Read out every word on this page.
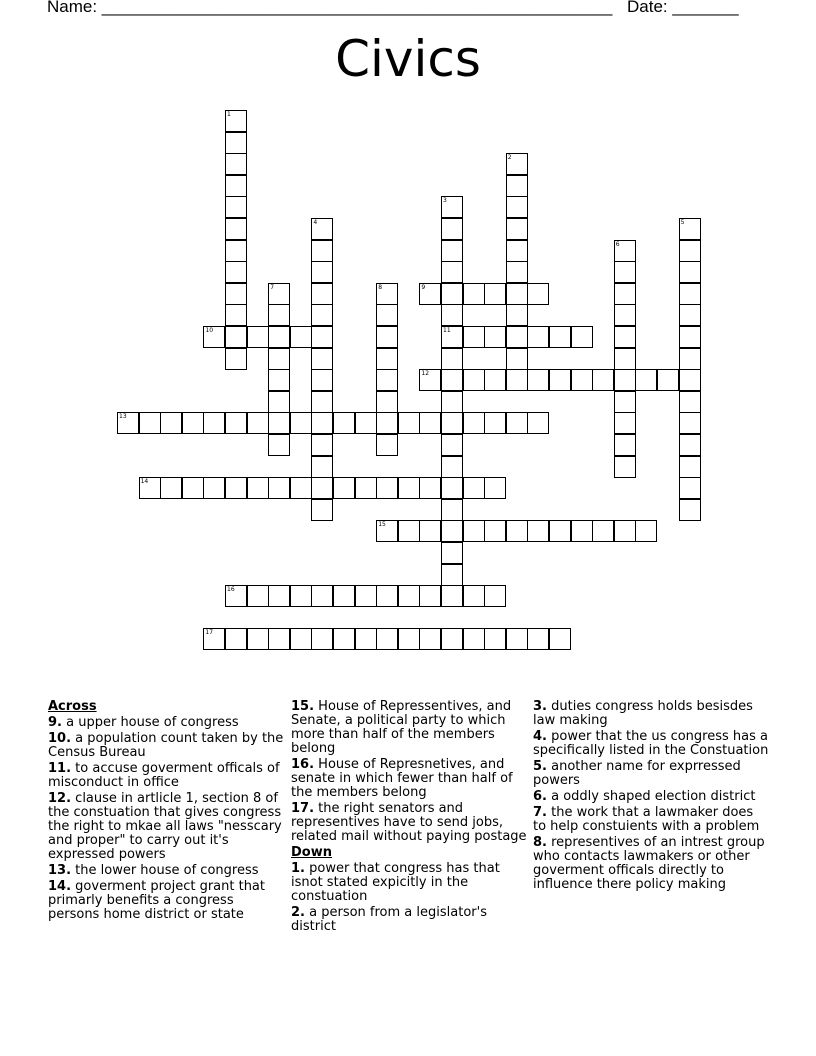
Name: ______________________________________________________ Date: _______
Civics
1
2
3
11
4	5
6
7	8	9
10
12
13
14
15
16
17
Across
9. a upper house of congress
10. a population count taken by the Census Bureau
11. to accuse goverment officals of misconduct in office
12. clause in artlicle 1, section 8 of the constuation that gives congress the right to mkae all laws "nesscary and proper" to carry out it's expressed powers
13. the lower house of congress
14. goverment project grant that primarly benefits a congress persons home district or state
15. House of Repressentives, and Senate, a political party to which more than half of the members belong
16. House of Represnetives, and senate in which fewer than half of the members belong
17. the right senators and representives have to send jobs, related mail without paying postage
Down
1. power that congress has that isnot stated expicitly in the constuation
2. a person from a legislator's district
3. duties congress holds besisdes law making
4. power that the us congress has a specifically listed in the Constuation
5. another name for exprressed powers
6. a oddly shaped election district
7. the work that a lawmaker does to help constuients with a problem
8. representives of an intrest group who contacts lawmakers or other goverment officals directly to influence there policy making
